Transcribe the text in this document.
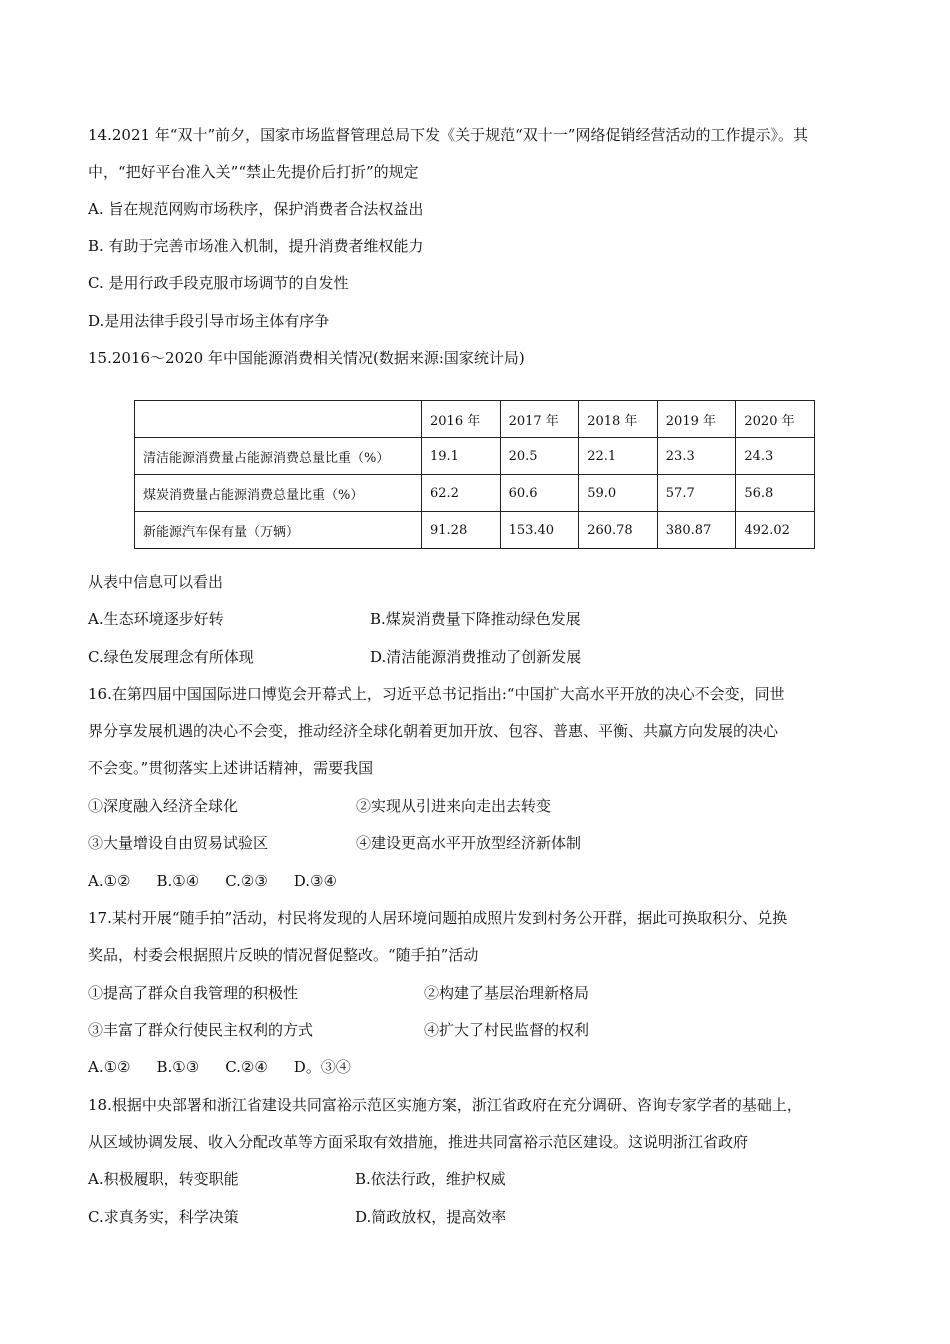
14.2021 年“双十”前夕，国家市场监督管理总局下发《关于规范“双十一”网络促销经营活动的工作提示》。其
中，“把好平台准入关”“禁止先提价后打折”的规定
A. 旨在规范网购市场秩序，保护消费者合法权益出
B. 有助于完善市场准入机制，提升消费者维权能力
C. 是用行政手段克服市场调节的自发性
D.是用法律手段引导市场主体有序争
15.2016～2020 年中国能源消费相关情况(数据来源:国家统计局)
	2016 年	2017 年	2018 年	2019 年	2020 年
清洁能源消费量占能源消费总量比重（%）	19.1	20.5	22.1	23.3	24.3
煤炭消费量占能源消费总量比重（%）	62.2	60.6	59.0	57.7	56.8
新能源汽车保有量（万辆）	91.28	153.40	260.78	380.87	492.02
从表中信息可以看出
A.生态环境逐步好转	B.煤炭消费量下降推动绿色发展
C.绿色发展理念有所体现	D.清洁能源消费推动了创新发展
16.在第四届中国国际进口博览会开幕式上，习近平总书记指出:“中国扩大高水平开放的决心不会变，同世
界分享发展机遇的决心不会变，推动经济全球化朝着更加开放、包容、普惠、平衡、共赢方向发展的决心
不会变。”贯彻落实上述讲话精神，需要我国
①深度融入经济全球化	②实现从引进来向走出去转变
③大量增设自由贸易试验区	④建设更高水平开放型经济新体制
A.①② B.①④ C.②③ D.③④
17.某村开展“随手拍”活动，村民将发现的人居环境问题拍成照片发到村务公开群，据此可换取积分、兑换
奖品，村委会根据照片反映的情况督促整改。“随手拍”活动
①提高了群众自我管理的积极性	②构建了基层治理新格局
③丰富了群众行使民主权利的方式	④扩大了村民监督的权利
A.①② B.①③ C.②④ D。③④
18.根据中央部署和浙江省建设共同富裕示范区实施方案，浙江省政府在充分调研、咨询专家学者的基础上，
从区域协调发展、收入分配改革等方面采取有效措施，推进共同富裕示范区建设。这说明浙江省政府
A.积极履职，转变职能	B.依法行政，维护权威
C.求真务实，科学决策	D.简政放权，提高效率
